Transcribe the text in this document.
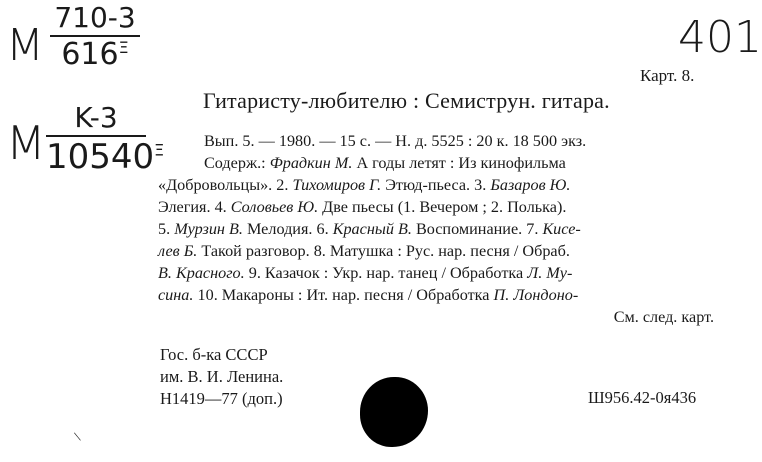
M
710-3
$616^\Xi$
M	K-3
$10540^\Xi$
401
Карт. 8.
Гитаристу-любителю : Семиструн. гитара.
Вып. 5. — 1980. — 15 с. — Н. д. 5525 : 20 к. 18 500 экз.
Содерж.: Фрадкин М. А годы летят : Из кинофильма
«Добровольцы». 2. Тихомиров Г. Этюд-пьеса. 3. Базаров Ю.
Элегия. 4. Соловьев Ю. Две пьесы (1. Вечером ; 2. Полька).
5. Мурзин В. Мелодия. 6. Красный В. Воспоминание. 7. Кисе-
лев Б. Такой разговор. 8. Матушка : Рус. нар. песня / Обраб.
В. Красного. 9. Казачок : Укр. нар. танец / Обработка Л. Му-
сина. 10. Макароны : Ит. нар. песня / Обработка П. Лондоно-
См. след. карт.
Гос. б-ка СССР
им. В. И. Ленина.
Н1419—77 (доп.)	Ш956.42-0я436
\
